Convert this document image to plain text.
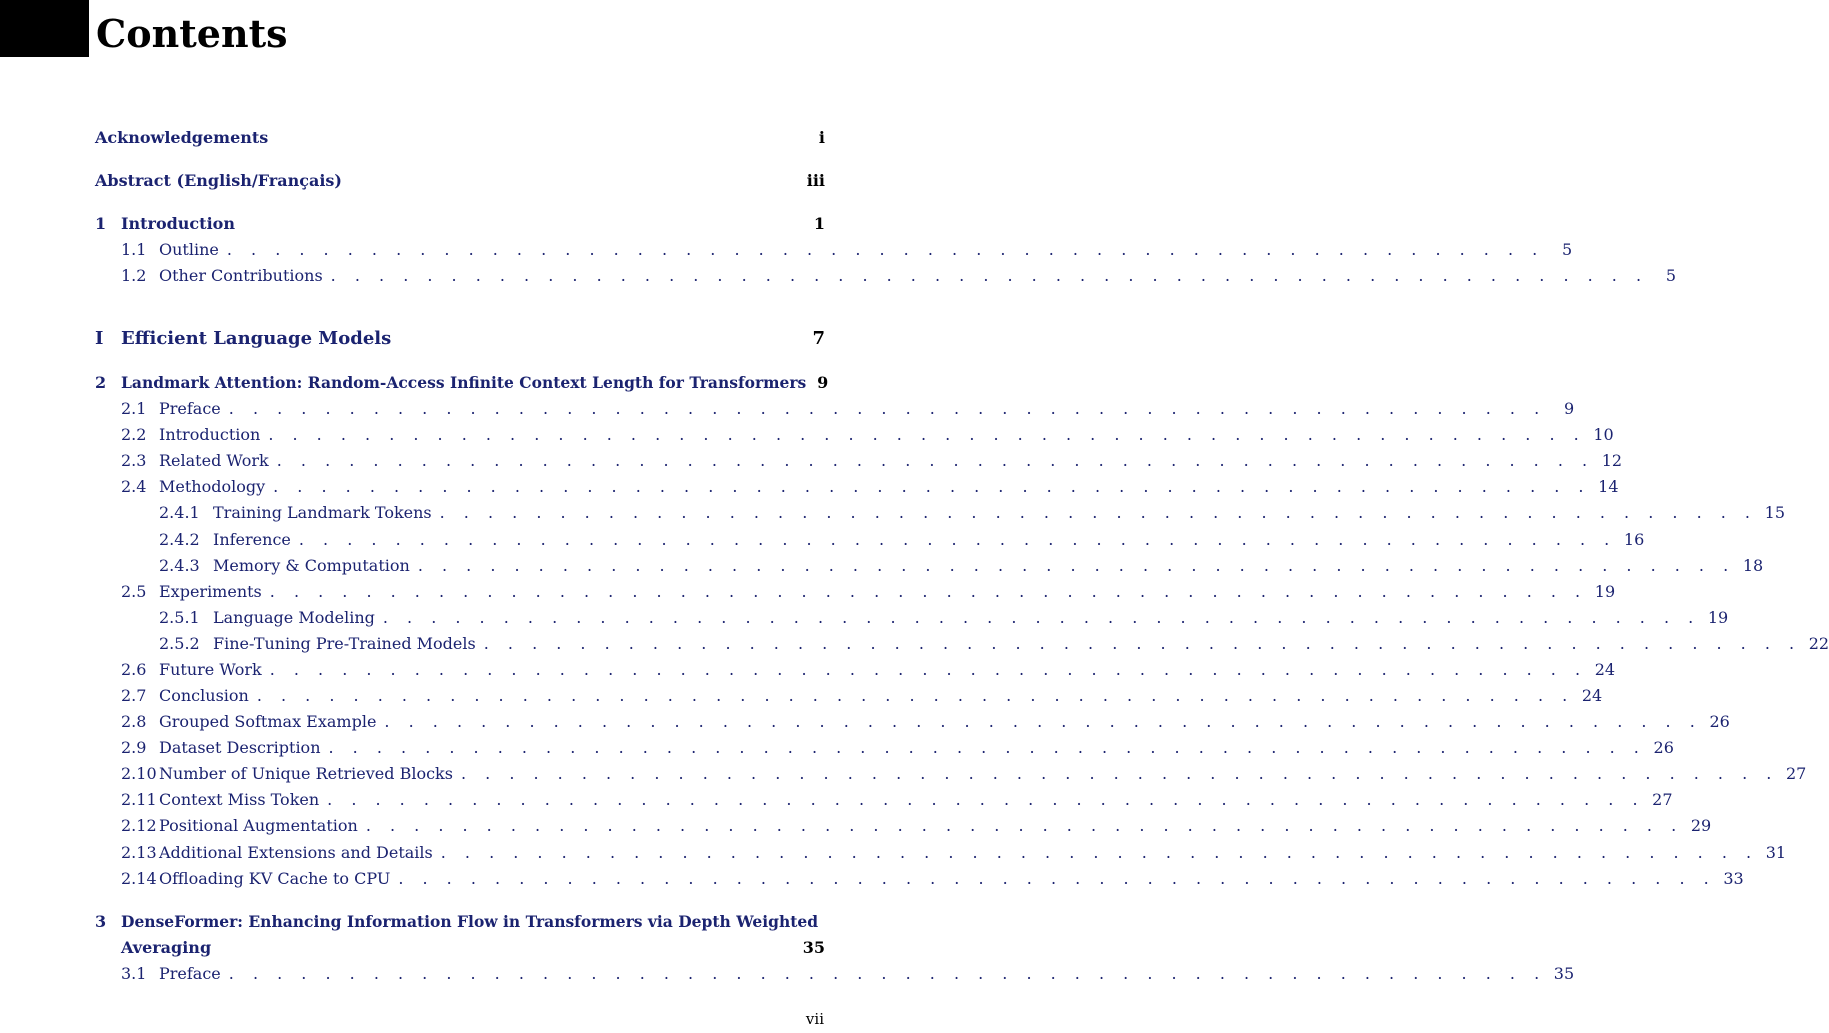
Contents
Acknowledgements	i
Abstract (English/Français)	iii
1 Introduction	1
1.1 Outline . . . . . . . . . . . . . . . . . . . . . . . . . . . . . . . . . . . . . . . . . . . . . . . . . . . . . . .	5
1.2 Other Contributions . . . . . . . . . . . . . . . . . . . . . . . . . . . . . . . . . . . . . . . . . . . . . . . . . . . . . . .	5
I Efficient Language Models	7
2 Landmark Attention: Random-Access Infinite Context Length for Transformers 9
2.1 Preface . . . . . . . . . . . . . . . . . . . . . . . . . . . . . . . . . . . . . . . . . . . . . . . . . . . . . . .	9
2.2 Introduction . . . . . . . . . . . . . . . . . . . . . . . . . . . . . . . . . . . . . . . . . . . . . . . . . . . . . . . 10
2.3 Related Work . . . . . . . . . . . . . . . . . . . . . . . . . . . . . . . . . . . . . . . . . . . . . . . . . . . . . . . 12
2.4 Methodology . . . . . . . . . . . . . . . . . . . . . . . . . . . . . . . . . . . . . . . . . . . . . . . . . . . . . . . 14
2.4.1 Training Landmark Tokens . . . . . . . . . . . . . . . . . . . . . . . . . . . . . . . . . . . . . . . . . . . . . . . . . . . . . . . 15
2.4.2 Inference . . . . . . . . . . . . . . . . . . . . . . . . . . . . . . . . . . . . . . . . . . . . . . . . . . . . . . . 16
2.4.3 Memory & Computation . . . . . . . . . . . . . . . . . . . . . . . . . . . . . . . . . . . . . . . . . . . . . . . . . . . . . . . 18
2.5 Experiments . . . . . . . . . . . . . . . . . . . . . . . . . . . . . . . . . . . . . . . . . . . . . . . . . . . . . . . 19
2.5.1 Language Modeling . . . . . . . . . . . . . . . . . . . . . . . . . . . . . . . . . . . . . . . . . . . . . . . . . . . . . . . 19
2.5.2 Fine-Tuning Pre-Trained Models . . . . . . . . . . . . . . . . . . . . . . . . . . . . . . . . . . . . . . . . . . . . . . . . . . . . . . . 22
2.6 Future Work . . . . . . . . . . . . . . . . . . . . . . . . . . . . . . . . . . . . . . . . . . . . . . . . . . . . . . . 24
2.7 Conclusion . . . . . . . . . . . . . . . . . . . . . . . . . . . . . . . . . . . . . . . . . . . . . . . . . . . . . . . 24
2.8 Grouped Softmax Example . . . . . . . . . . . . . . . . . . . . . . . . . . . . . . . . . . . . . . . . . . . . . . . . . . . . . . . 26
2.9 Dataset Description . . . . . . . . . . . . . . . . . . . . . . . . . . . . . . . . . . . . . . . . . . . . . . . . . . . . . . . 26
2.10 Number of Unique Retrieved Blocks . . . . . . . . . . . . . . . . . . . . . . . . . . . . . . . . . . . . . . . . . . . . . . . . . . . . . . . 27
2.11 Context Miss Token . . . . . . . . . . . . . . . . . . . . . . . . . . . . . . . . . . . . . . . . . . . . . . . . . . . . . . . 27
2.12 Positional Augmentation . . . . . . . . . . . . . . . . . . . . . . . . . . . . . . . . . . . . . . . . . . . . . . . . . . . . . . . 29
2.13 Additional Extensions and Details . . . . . . . . . . . . . . . . . . . . . . . . . . . . . . . . . . . . . . . . . . . . . . . . . . . . . . . 31
2.14 Offloading KV Cache to CPU . . . . . . . . . . . . . . . . . . . . . . . . . . . . . . . . . . . . . . . . . . . . . . . . . . . . . . . 33
3 DenseFormer: Enhancing Information Flow in Transformers via Depth Weighted
Averaging	35
3.1 Preface . . . . . . . . . . . . . . . . . . . . . . . . . . . . . . . . . . . . . . . . . . . . . . . . . . . . . . . 35
vii
